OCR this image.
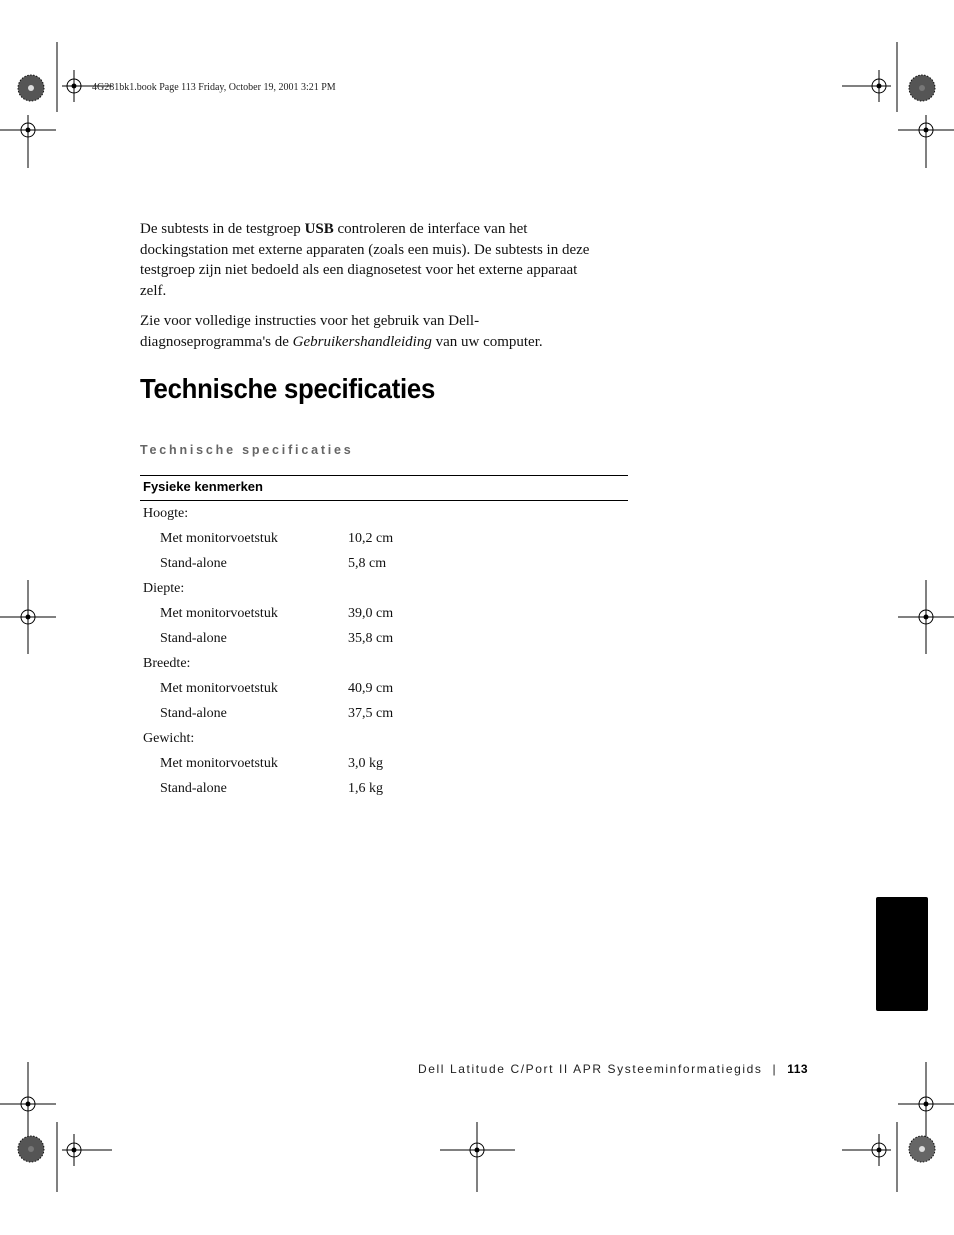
4G281bk1.book Page 113 Friday, October 19, 2001 3:21 PM

De subtests in de testgroep USB controleren de interface van het dockingstation met externe apparaten (zoals een muis). De subtests in deze testgroep zijn niet bedoeld als een diagnosetest voor het externe apparaat zelf.

Zie voor volledige instructies voor het gebruik van Dell-diagnoseprogramma's de Gebruikershandleiding van uw computer.

Technische specificaties
Technische specificaties
Fysieke kenmerken
Hoogte:
Met monitorvoetstuk	10,2 cm
Stand-alone	5,8 cm
Diepte:
Met monitorvoetstuk	39,0 cm
Stand-alone	35,8 cm
Breedte:
Met monitorvoetstuk	40,9 cm
Stand-alone	37,5 cm
Gewicht:
Met monitorvoetstuk	3,0 kg
Stand-alone	1,6 kg
Dell Latitude C/Port II APR Systeeminformatiegids | 113
